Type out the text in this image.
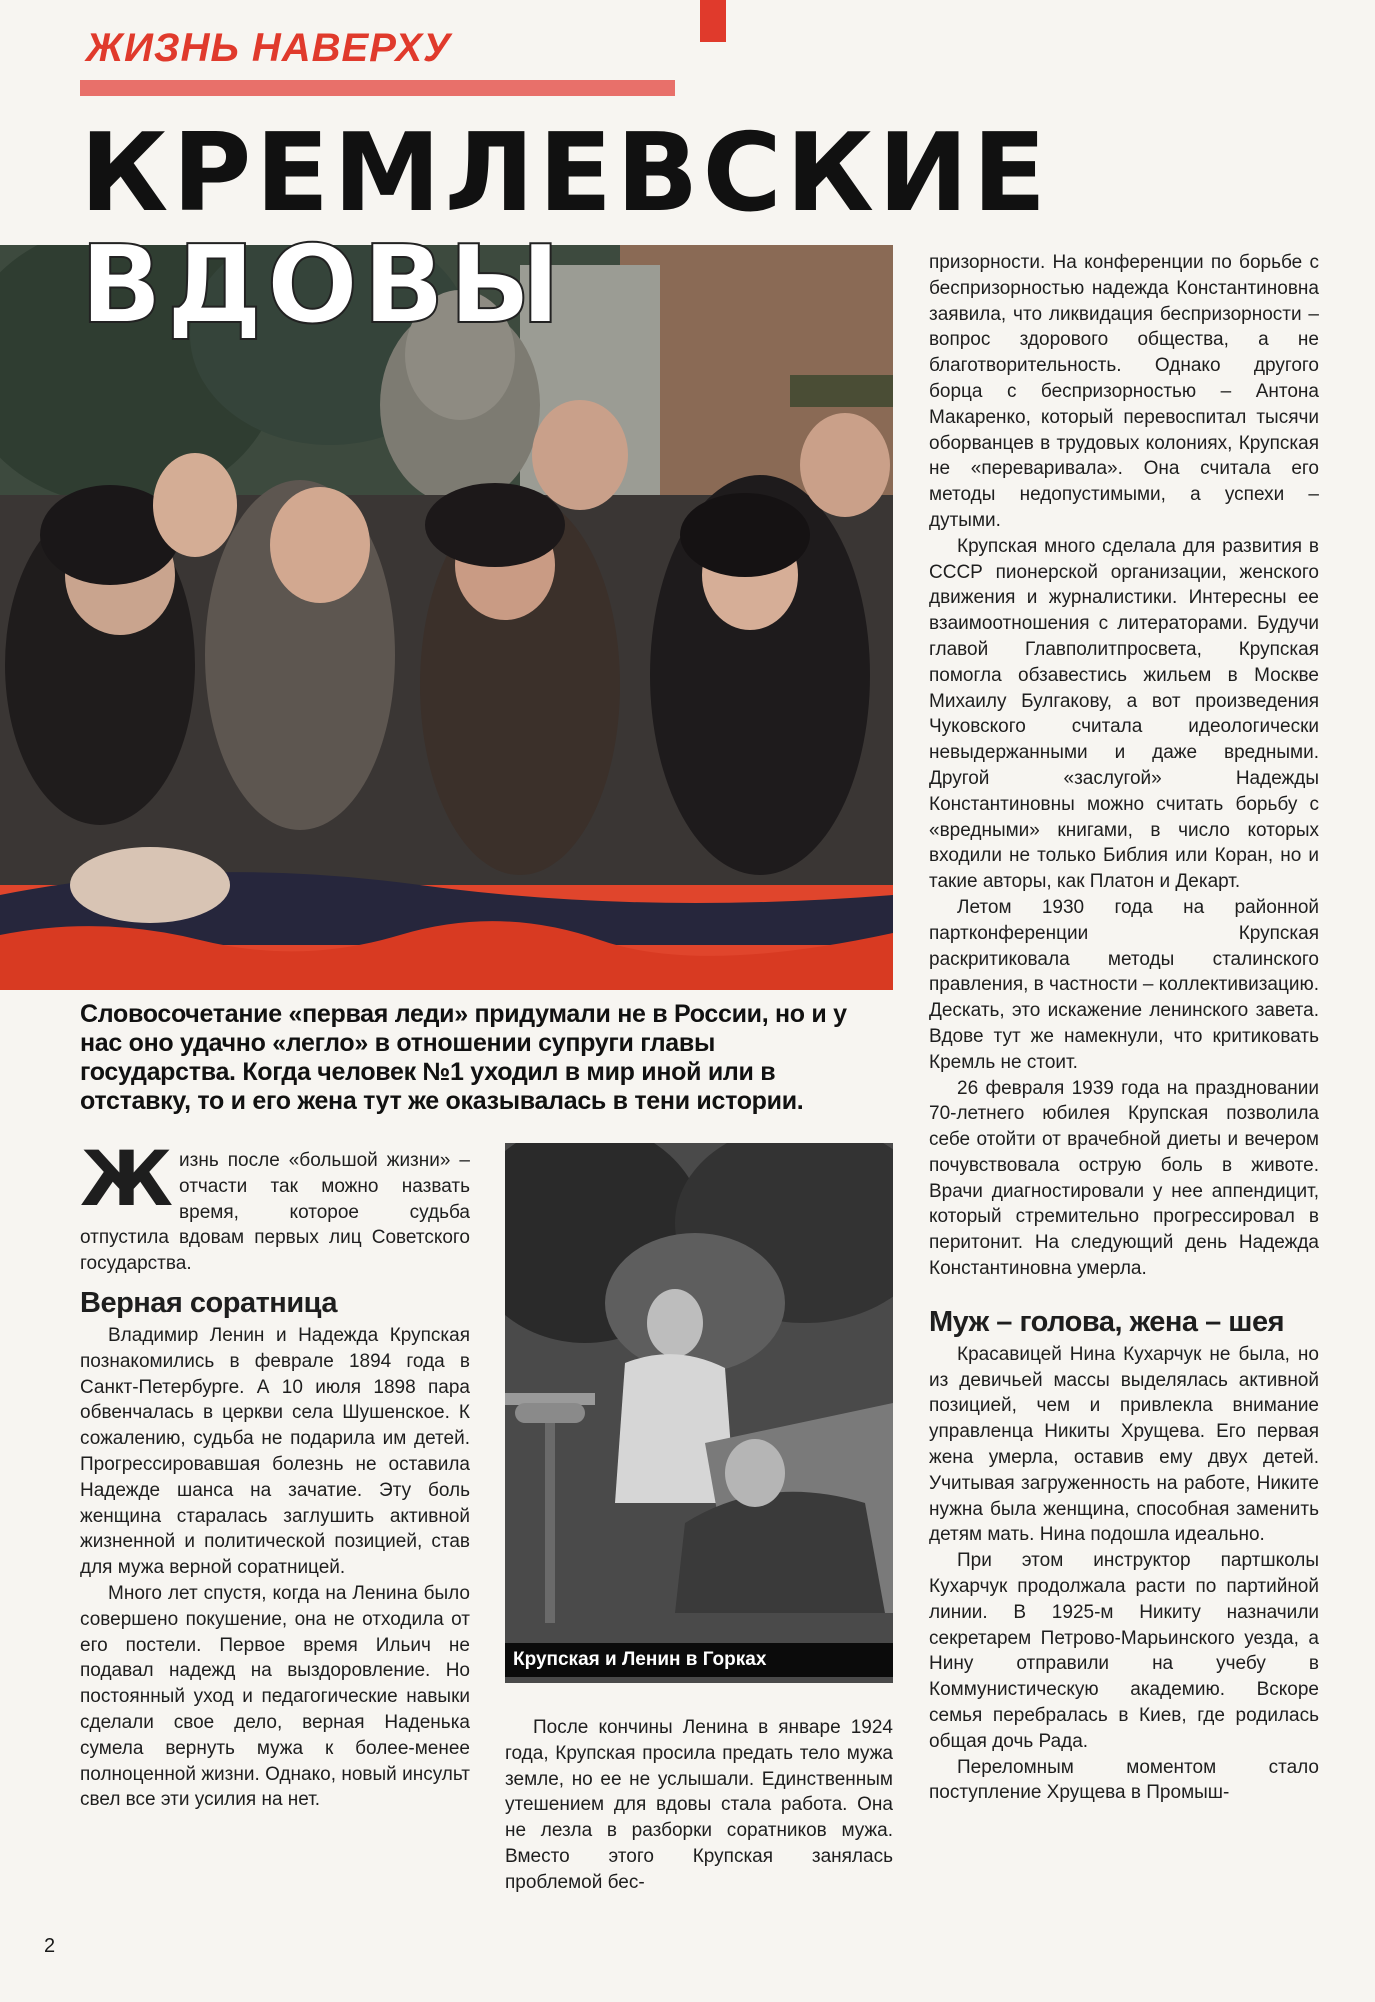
ЖИЗНЬ НАВЕРХУ
КРЕМЛЕВСКИЕ
ВДОВЫ
Словосочетание «первая леди» придумали не в России, но и у нас оно удачно «легло» в отношении супруги главы государства. Когда человек №1 уходил в мир иной или в отставку, то и его жена тут же оказывалась в тени истории.

Жизнь после «большой жизни» – отчасти так можно назвать время, которое судьба отпустила вдовам первых лиц Советского государства.

Верная соратница

Владимир Ленин и Надежда Крупская познакомились в феврале 1894 года в Санкт-Петербурге. А 10 июля 1898 пара обвенчалась в церкви села Шушенское. К сожалению, судьба не подарила им детей. Прогрессировавшая болезнь не оставила Надежде шанса на зачатие. Эту боль женщина старалась заглушить активной жизненной и политической позицией, став для мужа верной соратницей.

Много лет спустя, когда на Ленина было совершено покушение, она не отходила от его постели. Первое время Ильич не подавал надежд на выздоровление. Но постоянный уход и педагогические навыки сделали свое дело, верная Наденька сумела вернуть мужа к более-менее полноценной жизни. Однако, новый инсульт свел все эти усилия на нет.

Крупская и Ленин в Горках

После кончины Ленина в январе 1924 года, Крупская просила предать тело мужа земле, но ее не услышали. Единственным утешением для вдовы стала работа. Она не лезла в разборки соратников мужа. Вместо этого Крупская занялась проблемой бес-

призорности. На конференции по борьбе с беспризорностью надежда Константиновна заявила, что ликвидация беспризорности – вопрос здорового общества, а не благотворительность. Однако другого борца с беспризорностью – Антона Макаренко, который перевоспитал тысячи оборванцев в трудовых колониях, Крупская не «переваривала». Она считала его методы недопустимыми, а успехи – дутыми.

Крупская много сделала для развития в СССР пионерской организации, женского движения и журналистики. Интересны ее взаимоотношения с литераторами. Будучи главой Главполитпросвета, Крупская помогла обзавестись жильем в Москве Михаилу Булгакову, а вот произведения Чуковского считала идеологически невыдержанными и даже вредными. Другой «заслугой» Надежды Константиновны можно считать борьбу с «вредными» книгами, в число которых входили не только Библия или Коран, но и такие авторы, как Платон и Декарт.

Летом 1930 года на районной партконференции Крупская раскритиковала методы сталинского правления, в частности – коллективизацию. Дескать, это искажение ленинского завета. Вдове тут же намекнули, что критиковать Кремль не стоит.

26 февраля 1939 года на праздновании 70-летнего юбилея Крупская позволила себе отойти от врачебной диеты и вечером почувствовала острую боль в животе. Врачи диагностировали у нее аппендицит, который стремительно прогрессировал в перитонит. На следующий день Надежда Константиновна умерла.

Муж – голова, жена – шея

Красавицей Нина Кухарчук не была, но из девичьей массы выделялась активной позицией, чем и привлекла внимание управленца Никиты Хрущева. Его первая жена умерла, оставив ему двух детей. Учитывая загруженность на работе, Никите нужна была женщина, способная заменить детям мать. Нина подошла идеально.

При этом инструктор партшколы Кухарчук продолжала расти по партийной линии. В 1925-м Никиту назначили секретарем Петрово-Марьинского уезда, а Нину отправили на учебу в Коммунистическую академию. Вскоре семья перебралась в Киев, где родилась общая дочь Рада.

Переломным моментом стало поступление Хрущева в Промыш-

2
